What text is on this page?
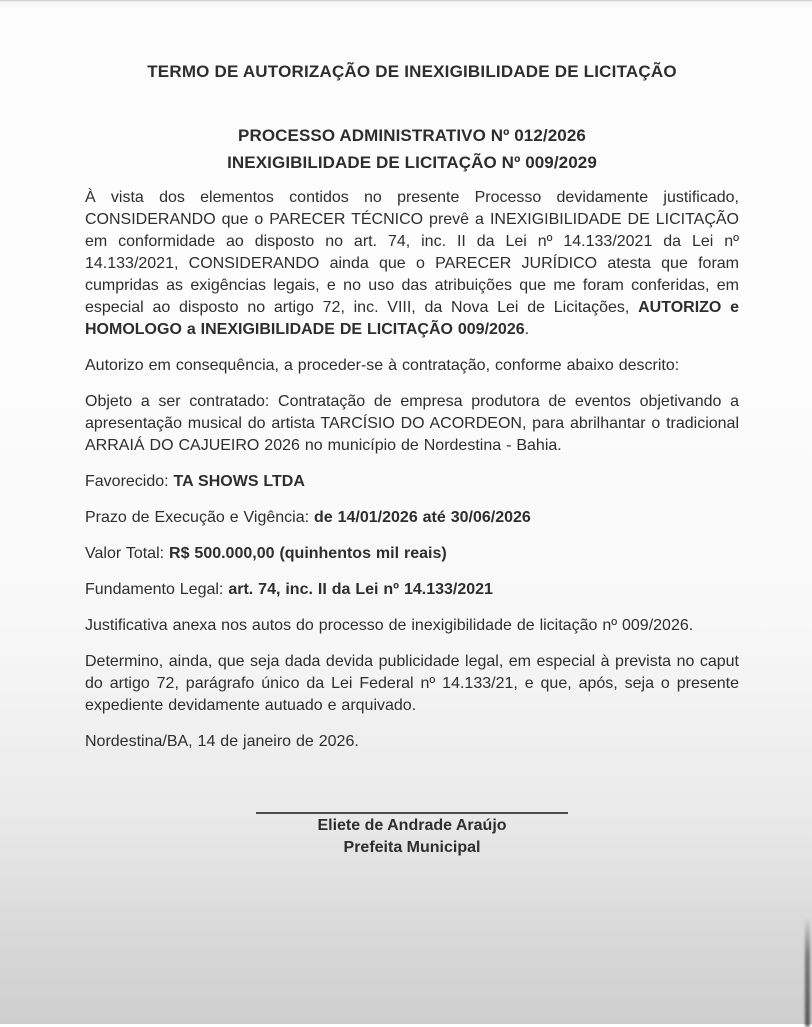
TERMO DE AUTORIZAÇÃO DE INEXIGIBILIDADE DE LICITAÇÃO
PROCESSO ADMINISTRATIVO Nº 012/2026
INEXIGIBILIDADE DE LICITAÇÃO Nº 009/2029

À vista dos elementos contidos no presente Processo devidamente justificado, CONSIDERANDO que o PARECER TÉCNICO prevê a INEXIGIBILIDADE DE LICITAÇÃO em conformidade ao disposto no art. 74, inc. II da Lei nº 14.133/2021 da Lei nº 14.133/2021, CONSIDERANDO ainda que o PARECER JURÍDICO atesta que foram cumpridas as exigências legais, e no uso das atribuições que me foram conferidas, em especial ao disposto no artigo 72, inc. VIII, da Nova Lei de Licitações, AUTORIZO e HOMOLOGO a INEXIGIBILIDADE DE LICITAÇÃO 009/2026.

Autorizo em consequência, a proceder-se à contratação, conforme abaixo descrito:

Objeto a ser contratado: Contratação de empresa produtora de eventos objetivando a apresentação musical do artista TARCÍSIO DO ACORDEON, para abrilhantar o tradicional ARRAIÁ DO CAJUEIRO 2026 no município de Nordestina - Bahia.

Favorecido: TA SHOWS LTDA

Prazo de Execução e Vigência: de 14/01/2026 até 30/06/2026

Valor Total: R$ 500.000,00 (quinhentos mil reais)

Fundamento Legal: art. 74, inc. II da Lei nº 14.133/2021

Justificativa anexa nos autos do processo de inexigibilidade de licitação nº 009/2026.

Determino, ainda, que seja dada devida publicidade legal, em especial à prevista no caput do artigo 72, parágrafo único da Lei Federal nº 14.133/21, e que, após, seja o presente expediente devidamente autuado e arquivado.

Nordestina/BA, 14 de janeiro de 2026.

Eliete de Andrade Araújo
Prefeita Municipal
